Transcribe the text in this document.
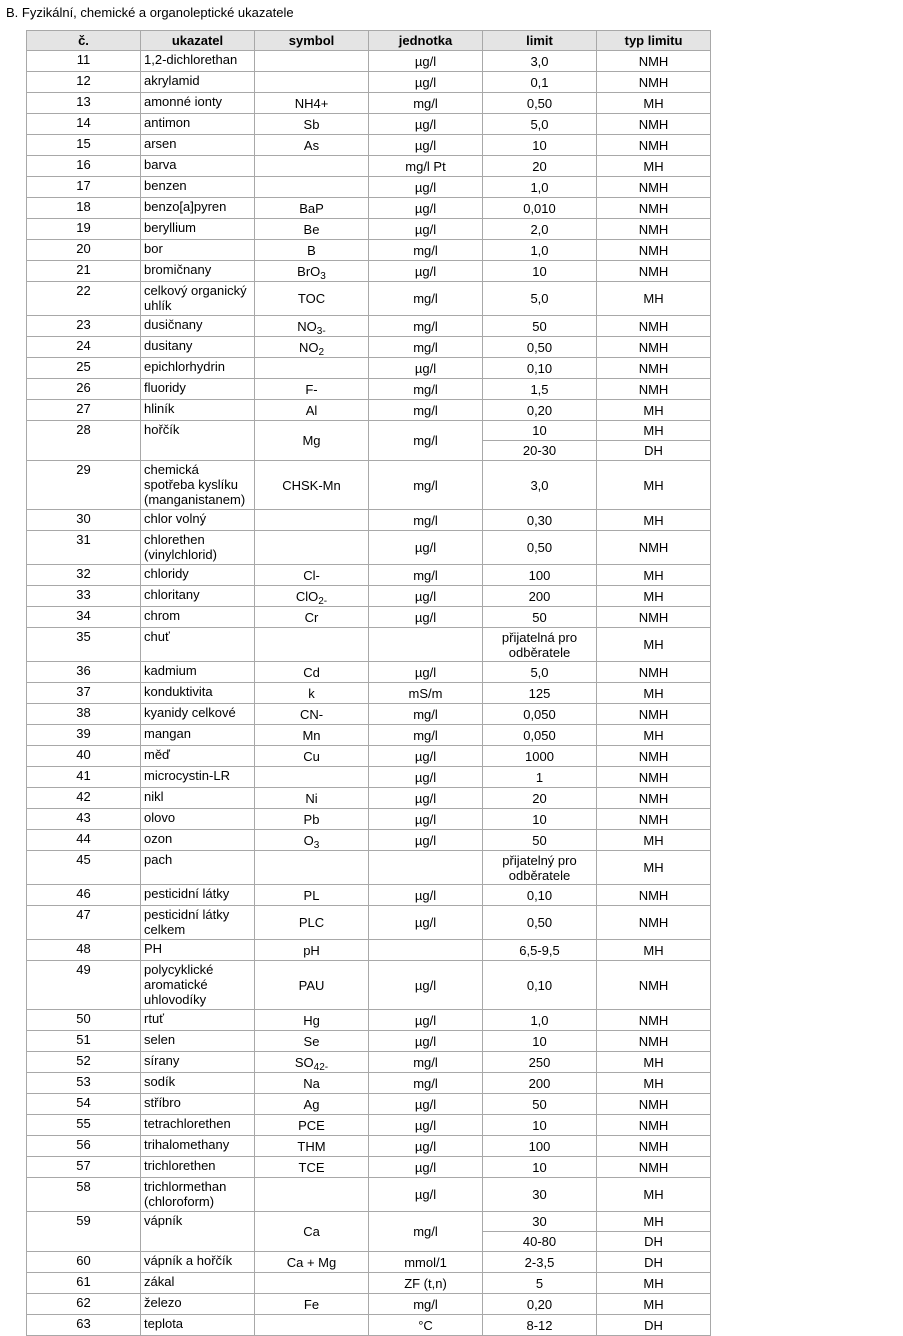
B. Fyzikální, chemické a organoleptické ukazatele
č.	ukazatel	symbol	jednotka	limit	typ limitu
11	1,2-dichlorethan		µg/l	3,0	NMH
12	akrylamid		µg/l	0,1	NMH
13	amonné ionty	NH4+	mg/l	0,50	MH
14	antimon	Sb	µg/l	5,0	NMH
15	arsen	As	µg/l	10	NMH
16	barva		mg/l Pt	20	MH
17	benzen		µg/l	1,0	NMH
18	benzo[a]pyren	BaP	µg/l	0,010	NMH
19	beryllium	Be	µg/l	2,0	NMH
20	bor	B	mg/l	1,0	NMH
21	bromičnany	BrO$_3$	µg/l	10	NMH
22	celkový organický uhlík	TOC	mg/l	5,0	MH
23	dusičnany	$NO_{3-}$	mg/l	50	NMH
24	dusitany	$NO_2$	mg/l	0,50	NMH
25	epichlorhydrin		µg/l	0,10	NMH
26	fluoridy	F-	mg/l	1,5	NMH
27	hliník	Al	mg/l	0,20	MH
28	hořčík	Mg	mg/l	10	MH
				20-30	DH
29	chemická spotřeba kyslíku (manganistanem)	CHSK-Mn	mg/l	3,0	MH
30	chlor volný		mg/l	0,30	MH
31	chlorethen (vinylchlorid)		µg/l	0,50	NMH
32	chloridy	Cl-	mg/l	100	MH
33	chloritany	ClO$_{2-}$	µg/l	200	MH
34	chrom	Cr	µg/l	50	NMH
35	chuť			přijatelná pro odběratele	MH
36	kadmium	Cd	µg/l	5,0	NMH
37	konduktivita	k	mS/m	125	MH
38	kyanidy celkové	CN-	mg/l	0,050	NMH
39	mangan	Mn	mg/l	0,050	MH
40	měď	Cu	µg/l	1000	NMH
41	microcystin-LR		µg/l	1	NMH
42	nikl	Ni	µg/l	20	NMH
43	olovo	Pb	µg/l	10	NMH
44	ozon	$O_3$	µg/l	50	MH
45	pach			přijatelný pro odběratele	MH
46	pesticidní látky	PL	µg/l	0,10	NMH
47	pesticidní látky celkem	PLC	µg/l	0,50	NMH
48	PH	pH		6,5-9,5	MH
49	polycyklické aromatické uhlovodíky	PAU	µg/l	0,10	NMH
50	rtuť	Hg	µg/l	1,0	NMH
51	selen	Se	µg/l	10	NMH
52	sírany	$SO_{42-}$	mg/l	250	MH
53	sodík	Na	mg/l	200	MH
54	stříbro	Ag	µg/l	50	NMH
55	tetrachlorethen	PCE	µg/l	10	NMH
56	trihalomethany	THM	µg/l	100	NMH
57	trichlorethen	TCE	µg/l	10	NMH
58	trichlormethan (chloroform)		µg/l	30	MH
59	vápník	Ca	mg/l	30	MH
				40-80	DH
60	vápník a hořčík	Ca + Mg	mmol/1	2-3,5	DH
61	zákal		ZF (t,n)	5	MH
62	železo	Fe	mg/l	0,20	MH
63	teplota		°C	8-12	DH
